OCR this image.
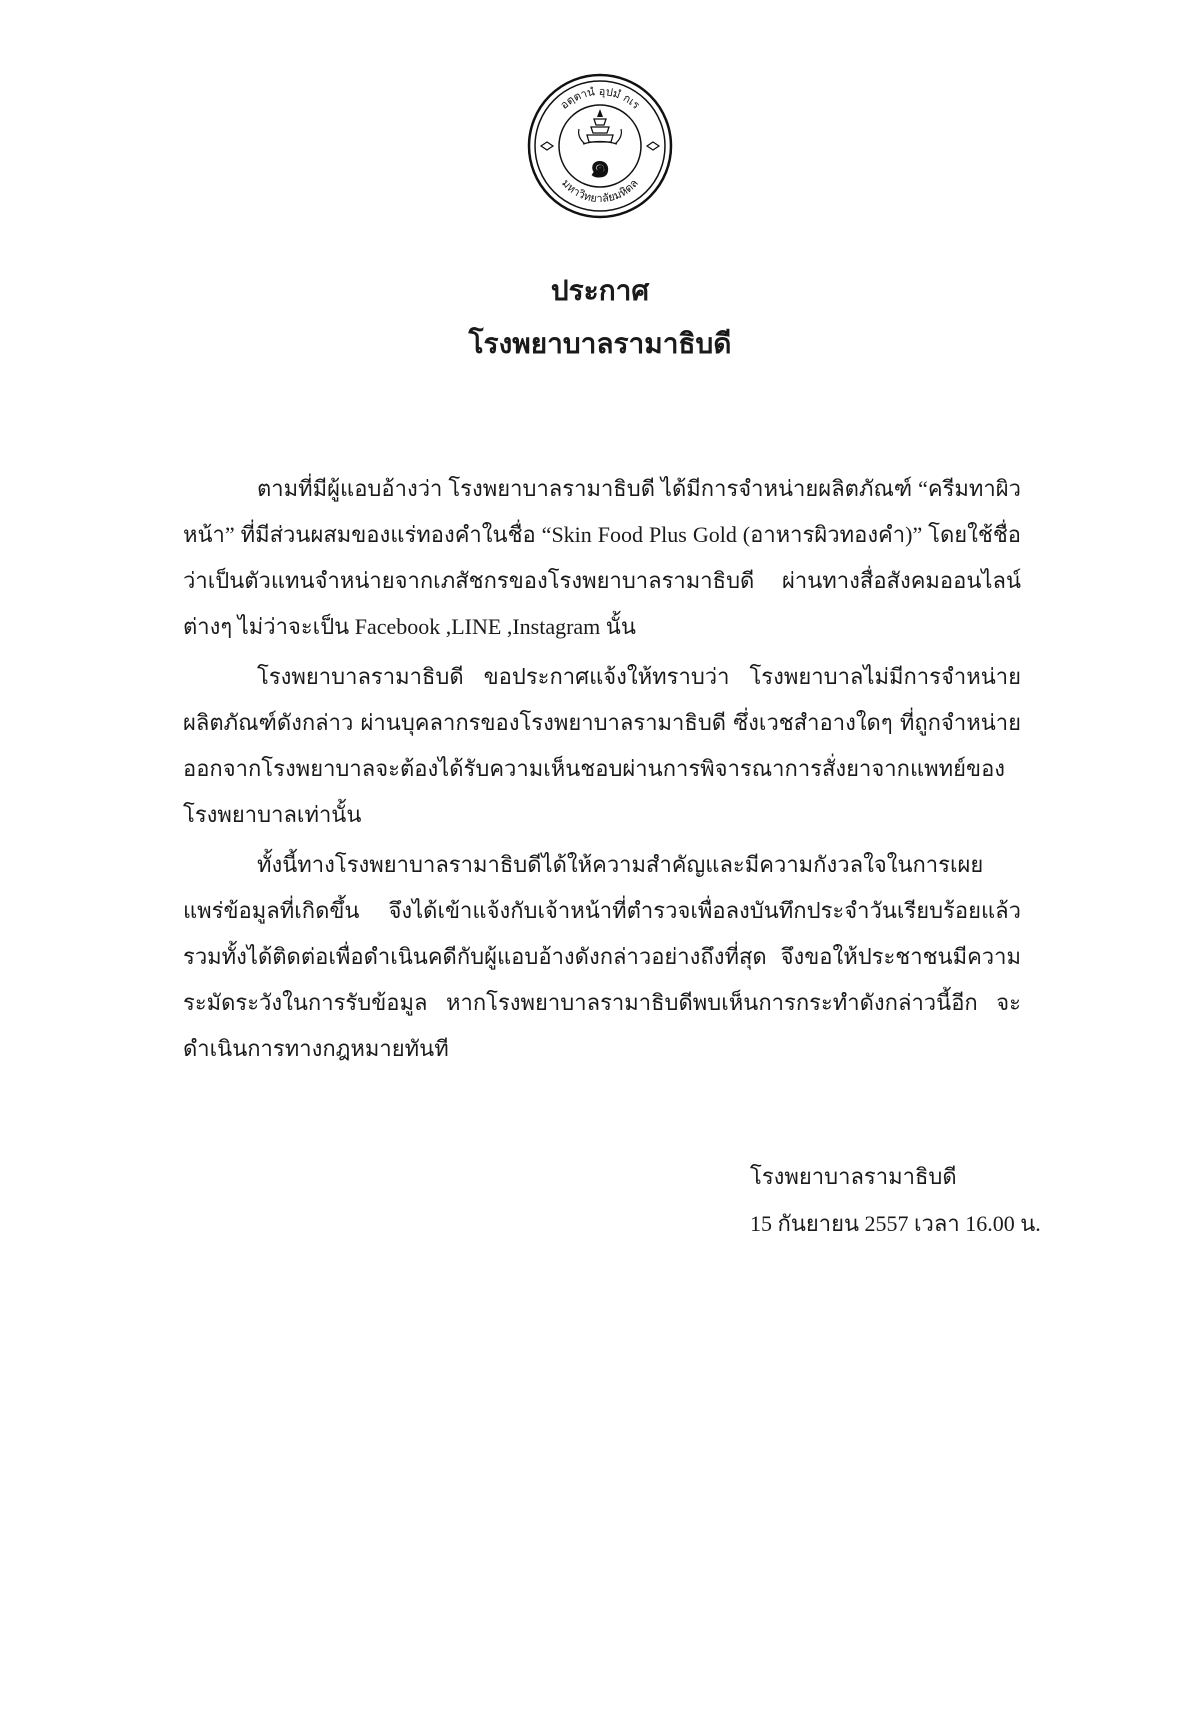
อตฺตานํ อุปมํ กเร
มหาวิทยาลัยมหิดล
๑
ประกาศ
โรงพยาบาลรามาธิบดี

ตามที่มีผู้แอบอ้างว่า โรงพยาบาลรามาธิบดี ได้มีการจำหน่ายผลิตภัณฑ์ “ครีมทาผิวหน้า” ที่มีส่วนผสมของแร่ทองคำในชื่อ “Skin Food Plus Gold (อาหารผิวทองคำ)” โดยใช้ชื่อว่าเป็นตัวแทนจำหน่ายจากเภสัชกรของโรงพยาบาลรามาธิบดี ผ่านทางสื่อสังคมออนไลน์ต่างๆ ไม่ว่าจะเป็น Facebook ,LINE ,Instagram นั้น

โรงพยาบาลรามาธิบดี ขอประกาศแจ้งให้ทราบว่า โรงพยาบาลไม่มีการจำหน่ายผลิตภัณฑ์ดังกล่าว ผ่านบุคลากรของโรงพยาบาลรามาธิบดี ซึ่งเวชสำอางใดๆ ที่ถูกจำหน่ายออกจากโรงพยาบาลจะต้องได้รับความเห็นชอบผ่านการพิจารณาการสั่งยาจากแพทย์ของโรงพยาบาลเท่านั้น

ทั้งนี้ทางโรงพยาบาลรามาธิบดีได้ให้ความสำคัญและมีความกังวลใจในการเผยแพร่ข้อมูลที่เกิดขึ้น จึงได้เข้าแจ้งกับเจ้าหน้าที่ตำรวจเพื่อลงบันทึกประจำวันเรียบร้อยแล้ว รวมทั้งได้ติดต่อเพื่อดำเนินคดีกับผู้แอบอ้างดังกล่าวอย่างถึงที่สุด จึงขอให้ประชาชนมีความระมัดระวังในการรับข้อมูล หากโรงพยาบาลรามาธิบดีพบเห็นการกระทำดังกล่าวนี้อีก จะดำเนินการทางกฎหมายทันที

โรงพยาบาลรามาธิบดี
15 กันยายน 2557 เวลา 16.00 น.
